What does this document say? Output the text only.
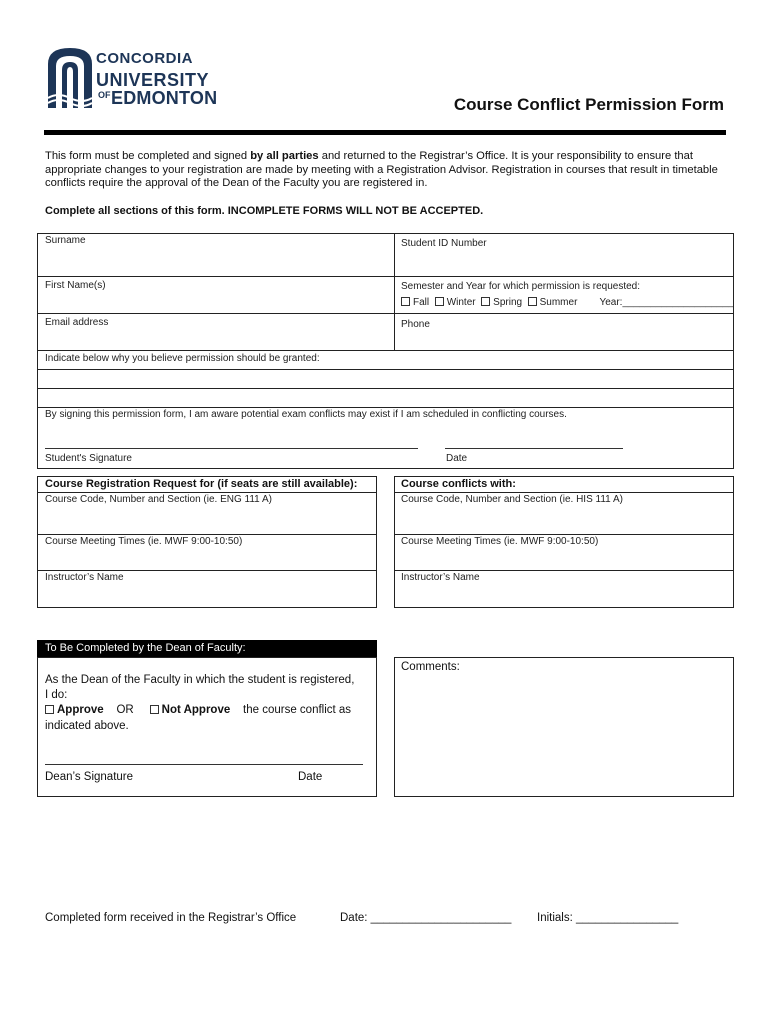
CONCORDIA
UNIVERSITY
OF EDMONTON	Course Conflict Permission Form
This form must be completed and signed by all parties and returned to the Registrar’s Office. It is your responsibility to ensure that appropriate changes to your registration are made by meeting with a Registration Advisor. Registration in courses that result in timetable conflicts require the approval of the Dean of the Faculty you are registered in.
Complete all sections of this form. INCOMPLETE FORMS WILL NOT BE ACCEPTED.
Surname	Student ID Number
First Name(s)	Semester and Year for which permission is requested:
Fall Winter Spring Summer Year:____________________
Email address	Phone
Indicate below why you believe permission should be granted:
By signing this permission form, I am aware potential exam conflicts may exist if I am scheduled in conflicting courses.
Student's Signature	Date
Course Registration Request for (if seats are still available):	Course conflicts with:
Course Code, Number and Section (ie. ENG 111 A)	Course Code, Number and Section (ie. HIS 111 A)
Course Meeting Times (ie. MWF 9:00-10:50)	Course Meeting Times (ie. MWF 9:00-10:50)
Instructor’s Name	Instructor’s Name
To Be Completed by the Dean of Faculty:
As the Dean of the Faculty in which the student is registered,
I do:
Approve OR Not Approve the course conflict as
indicated above.
Dean’s Signature	Date
Comments:
Completed form received in the Registrar’s Office	Date: ______________________ Initials: ________________
